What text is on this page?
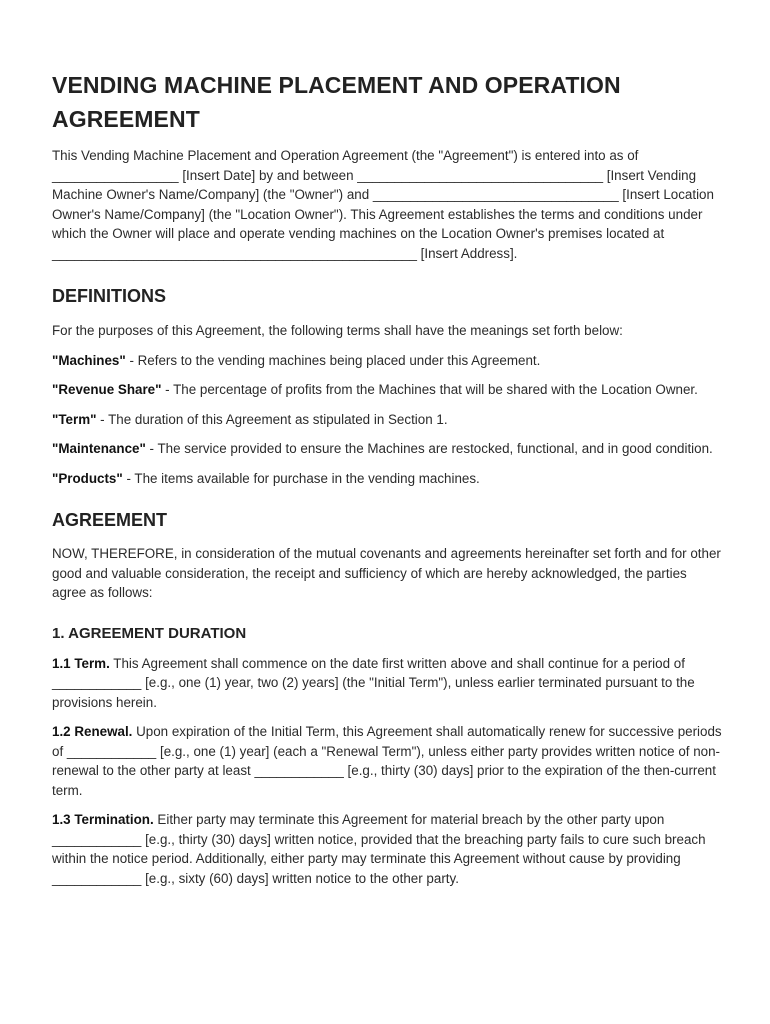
VENDING MACHINE PLACEMENT AND OPERATION AGREEMENT

This Vending Machine Placement and Operation Agreement (the "Agreement") is entered into as of _________________ [Insert Date] by and between _________________________________ [Insert Vending Machine Owner's Name/Company] (the "Owner") and _________________________________ [Insert Location Owner's Name/Company] (the "Location Owner"). This Agreement establishes the terms and conditions under which the Owner will place and operate vending machines on the Location Owner's premises located at _________________________________________________ [Insert Address].

DEFINITIONS

For the purposes of this Agreement, the following terms shall have the meanings set forth below:

"Machines" - Refers to the vending machines being placed under this Agreement.

"Revenue Share" - The percentage of profits from the Machines that will be shared with the Location Owner.

"Term" - The duration of this Agreement as stipulated in Section 1.

"Maintenance" - The service provided to ensure the Machines are restocked, functional, and in good condition.

"Products" - The items available for purchase in the vending machines.

AGREEMENT

NOW, THEREFORE, in consideration of the mutual covenants and agreements hereinafter set forth and for other good and valuable consideration, the receipt and sufficiency of which are hereby acknowledged, the parties agree as follows:

1. AGREEMENT DURATION

1.1 Term. This Agreement shall commence on the date first written above and shall continue for a period of ____________ [e.g., one (1) year, two (2) years] (the "Initial Term"), unless earlier terminated pursuant to the provisions herein.

1.2 Renewal. Upon expiration of the Initial Term, this Agreement shall automatically renew for successive periods of ____________ [e.g., one (1) year] (each a "Renewal Term"), unless either party provides written notice of non-renewal to the other party at least ____________ [e.g., thirty (30) days] prior to the expiration of the then-current term.

1.3 Termination. Either party may terminate this Agreement for material breach by the other party upon ____________ [e.g., thirty (30) days] written notice, provided that the breaching party fails to cure such breach within the notice period. Additionally, either party may terminate this Agreement without cause by providing ____________ [e.g., sixty (60) days] written notice to the other party.
